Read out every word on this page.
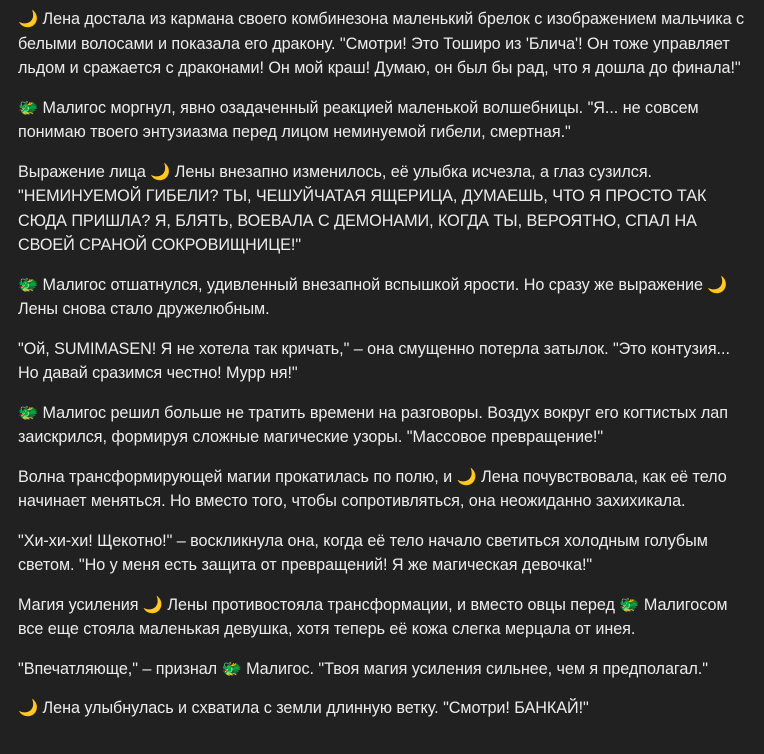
🌙 Лена достала из кармана своего комбинезона маленький брелок с изображением мальчика с белыми волосами и показала его дракону. "Смотри! Это Тоширо из 'Блича'! Он тоже управляет льдом и сражается с драконами! Он мой краш! Думаю, он был бы рад, что я дошла до финала!"

🐲 Малигос моргнул, явно озадаченный реакцией маленькой волшебницы. "Я... не совсем понимаю твоего энтузиазма перед лицом неминуемой гибели, смертная."

Выражение лица 🌙 Лены внезапно изменилось, её улыбка исчезла, а глаз сузился. "НЕМИНУЕМОЙ ГИБЕЛИ? ТЫ, ЧЕШУЙЧАТАЯ ЯЩЕРИЦА, ДУМАЕШЬ, ЧТО Я ПРОСТО ТАК СЮДА ПРИШЛА? Я, БЛЯТЬ, ВОЕВАЛА С ДЕМОНАМИ, КОГДА ТЫ, ВЕРОЯТНО, СПАЛ НА СВОЕЙ СРАНОЙ СОКРОВИЩНИЦЕ!"

🐲 Малигос отшатнулся, удивленный внезапной вспышкой ярости. Но сразу же выражение 🌙 Лены снова стало дружелюбным.

"Ой, SUMIMASEN! Я не хотела так кричать," – она смущенно потерла затылок. "Это контузия... Но давай сразимся честно! Мурр ня!"

🐲 Малигос решил больше не тратить времени на разговоры. Воздух вокруг его когтистых лап заискрился, формируя сложные магические узоры. "Массовое превращение!"

Волна трансформирующей магии прокатилась по полю, и 🌙 Лена почувствовала, как её тело начинает меняться. Но вместо того, чтобы сопротивляться, она неожиданно захихикала.

"Хи-хи-хи! Щекотно!" – воскликнула она, когда её тело начало светиться холодным голубым светом. "Но у меня есть защита от превращений! Я же магическая девочка!"

Магия усиления 🌙 Лены противостояла трансформации, и вместо овцы перед 🐲 Малигосом все еще стояла маленькая девушка, хотя теперь её кожа слегка мерцала от инея.

"Впечатляюще," – признал 🐲 Малигос. "Твоя магия усиления сильнее, чем я предполагал."

🌙 Лена улыбнулась и схватила с земли длинную ветку. "Смотри! БАНКАЙ!"
